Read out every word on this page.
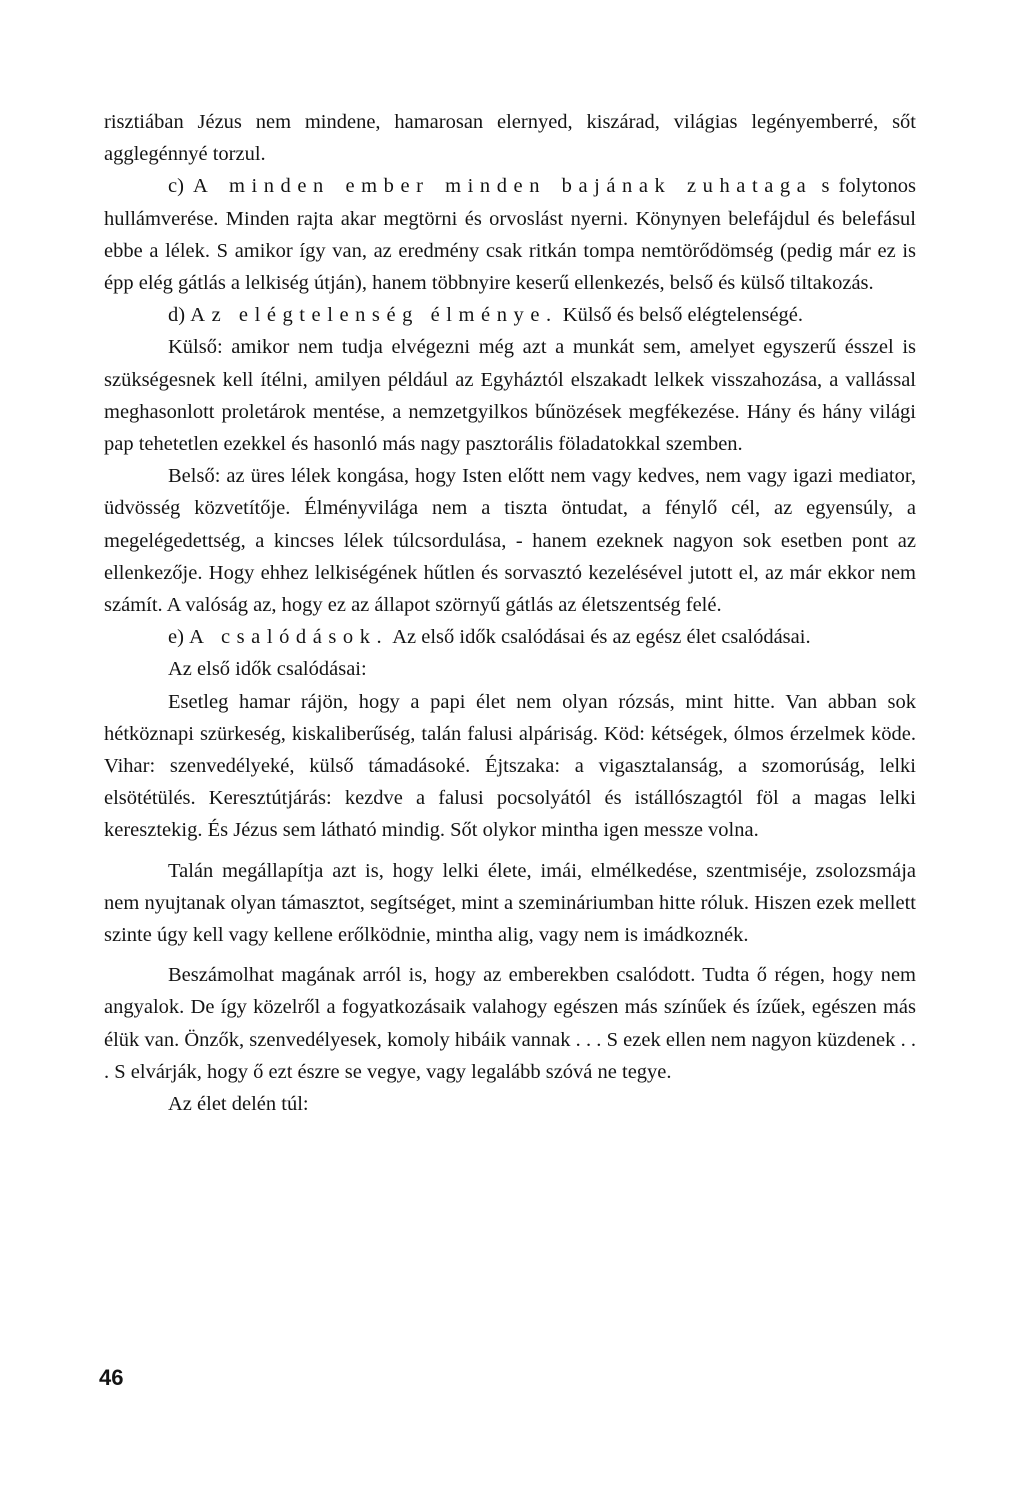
risztiában Jézus nem mindene, hamarosan elernyed, kiszárad, világias legényemberré, sőt agglegénnyé torzul.

c) A minden ember minden bajának zuhataga s folytonos hullámverése. Minden rajta akar megtörni és orvoslást nyerni. Könynyen belefájdul és belefásul ebbe a lélek. S amikor így van, az eredmény csak ritkán tompa nemtörődömség (pedig már ez is épp elég gátlás a lelkiség útján), hanem többnyire keserű ellenkezés, belső és külső tiltakozás.

d) Az elégtelenség élménye. Külső és belső elégtelenségé.

Külső: amikor nem tudja elvégezni még azt a munkát sem, amelyet egyszerű ésszel is szükségesnek kell ítélni, amilyen például az Egyháztól elszakadt lelkek visszahozása, a vallással meghasonlott proletárok mentése, a nemzetgyilkos bűnözések megfékezése. Hány és hány világi pap tehetetlen ezekkel és hasonló más nagy pasztorális föladatokkal szemben.

Belső: az üres lélek kongása, hogy Isten előtt nem vagy kedves, nem vagy igazi mediator, üdvösség közvetítője. Élményvilága nem a tiszta öntudat, a fénylő cél, az egyensúly, a megelégedettség, a kincses lélek túlcsordulása, - hanem ezeknek nagyon sok esetben pont az ellenkezője. Hogy ehhez lelkiségének hűtlen és sorvasztó kezelésével jutott el, az már ekkor nem számít. A valóság az, hogy ez az állapot szörnyű gátlás az életszentség felé.

e) A csalódások. Az első idők csalódásai és az egész élet csalódásai.

Az első idők csalódásai:

Esetleg hamar rájön, hogy a papi élet nem olyan rózsás, mint hitte. Van abban sok hétköznapi szürkeség, kiskaliberűség, talán falusi alpáriság. Köd: kétségek, ólmos érzelmek köde. Vihar: szenvedélyeké, külső támadásoké. Éjtszaka: a vigasztalanság, a szomorúság, lelki elsötétülés. Keresztútjárás: kezdve a falusi pocsolyától és istállószagtól föl a magas lelki keresztekig. És Jézus sem látható mindig. Sőt olykor mintha igen messze volna.

Talán megállapítja azt is, hogy lelki élete, imái, elmélkedése, szentmiséje, zsolozsmája nem nyujtanak olyan támasztot, segítséget, mint a szemináriumban hitte róluk. Hiszen ezek mellett szinte úgy kell vagy kellene erőlködnie, mintha alig, vagy nem is imádkoznék.

Beszámolhat magának arról is, hogy az emberekben csalódott. Tudta ő régen, hogy nem angyalok. De így közelről a fogyatkozásaik valahogy egészen más színűek és ízűek, egészen más élük van. Önzők, szenvedélyesek, komoly hibáik vannak . . . S ezek ellen nem nagyon küzdenek . . . S elvárják, hogy ő ezt észre se vegye, vagy legalább szóvá ne tegye.

Az élet delén túl:

46
